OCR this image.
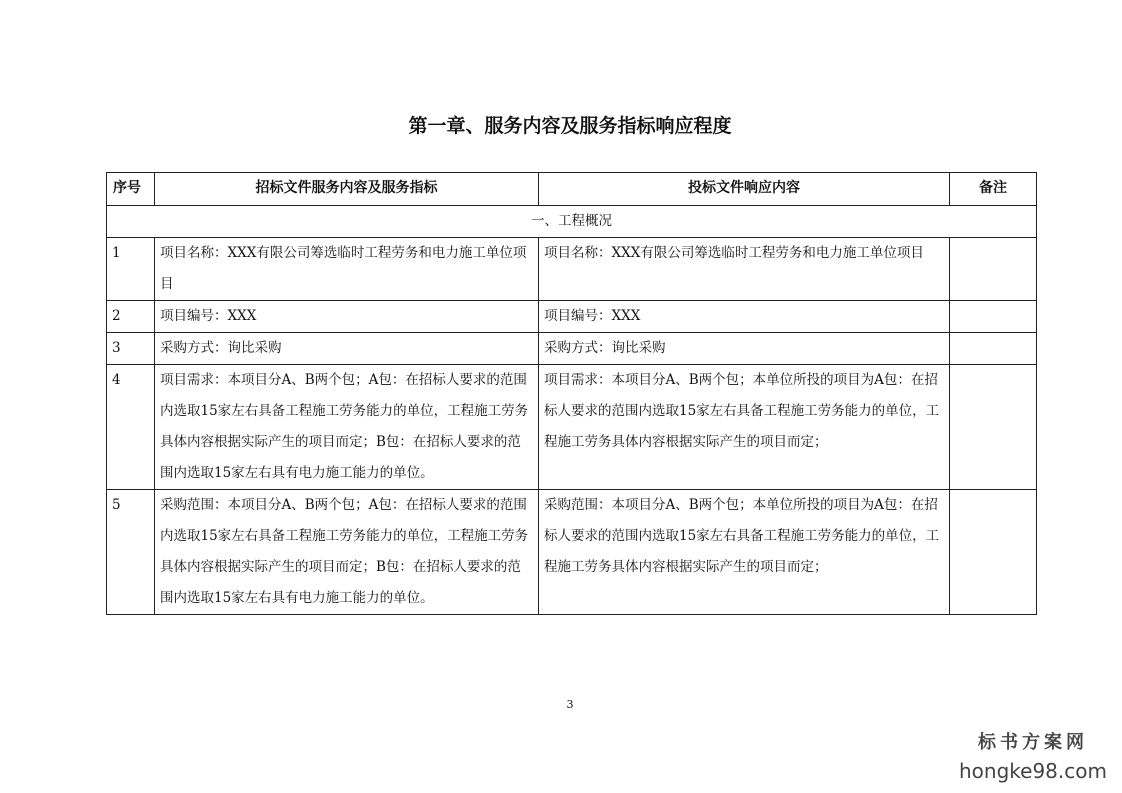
第一章、服务内容及服务指标响应程度
序号	招标文件服务内容及服务指标	投标文件响应内容	备注
一、工程概况			
1	项目名称：XXX有限公司筹选临时工程劳务和电力施工单位项目	项目名称：XXX有限公司筹选临时工程劳务和电力施工单位项目	
2	项目编号：XXX	项目编号：XXX	
3	采购方式：询比采购	采购方式：询比采购	
4	项目需求：本项目分A、B两个包；A包：在招标人要求的范围内选取15家左右具备工程施工劳务能力的单位，工程施工劳务具体内容根据实际产生的项目而定；B包：在招标人要求的范围内选取15家左右具有电力施工能力的单位。	项目需求：本项目分A、B两个包；本单位所投的项目为A包：在招标人要求的范围内选取15家左右具备工程施工劳务能力的单位，工程施工劳务具体内容根据实际产生的项目而定；	
5	采购范围：本项目分A、B两个包；A包：在招标人要求的范围内选取15家左右具备工程施工劳务能力的单位，工程施工劳务具体内容根据实际产生的项目而定；B包：在招标人要求的范围内选取15家左右具有电力施工能力的单位。	采购范围：本项目分A、B两个包；本单位所投的项目为A包：在招标人要求的范围内选取15家左右具备工程施工劳务能力的单位，工程施工劳务具体内容根据实际产生的项目而定；	
3
标书方案网
hongke98.com
